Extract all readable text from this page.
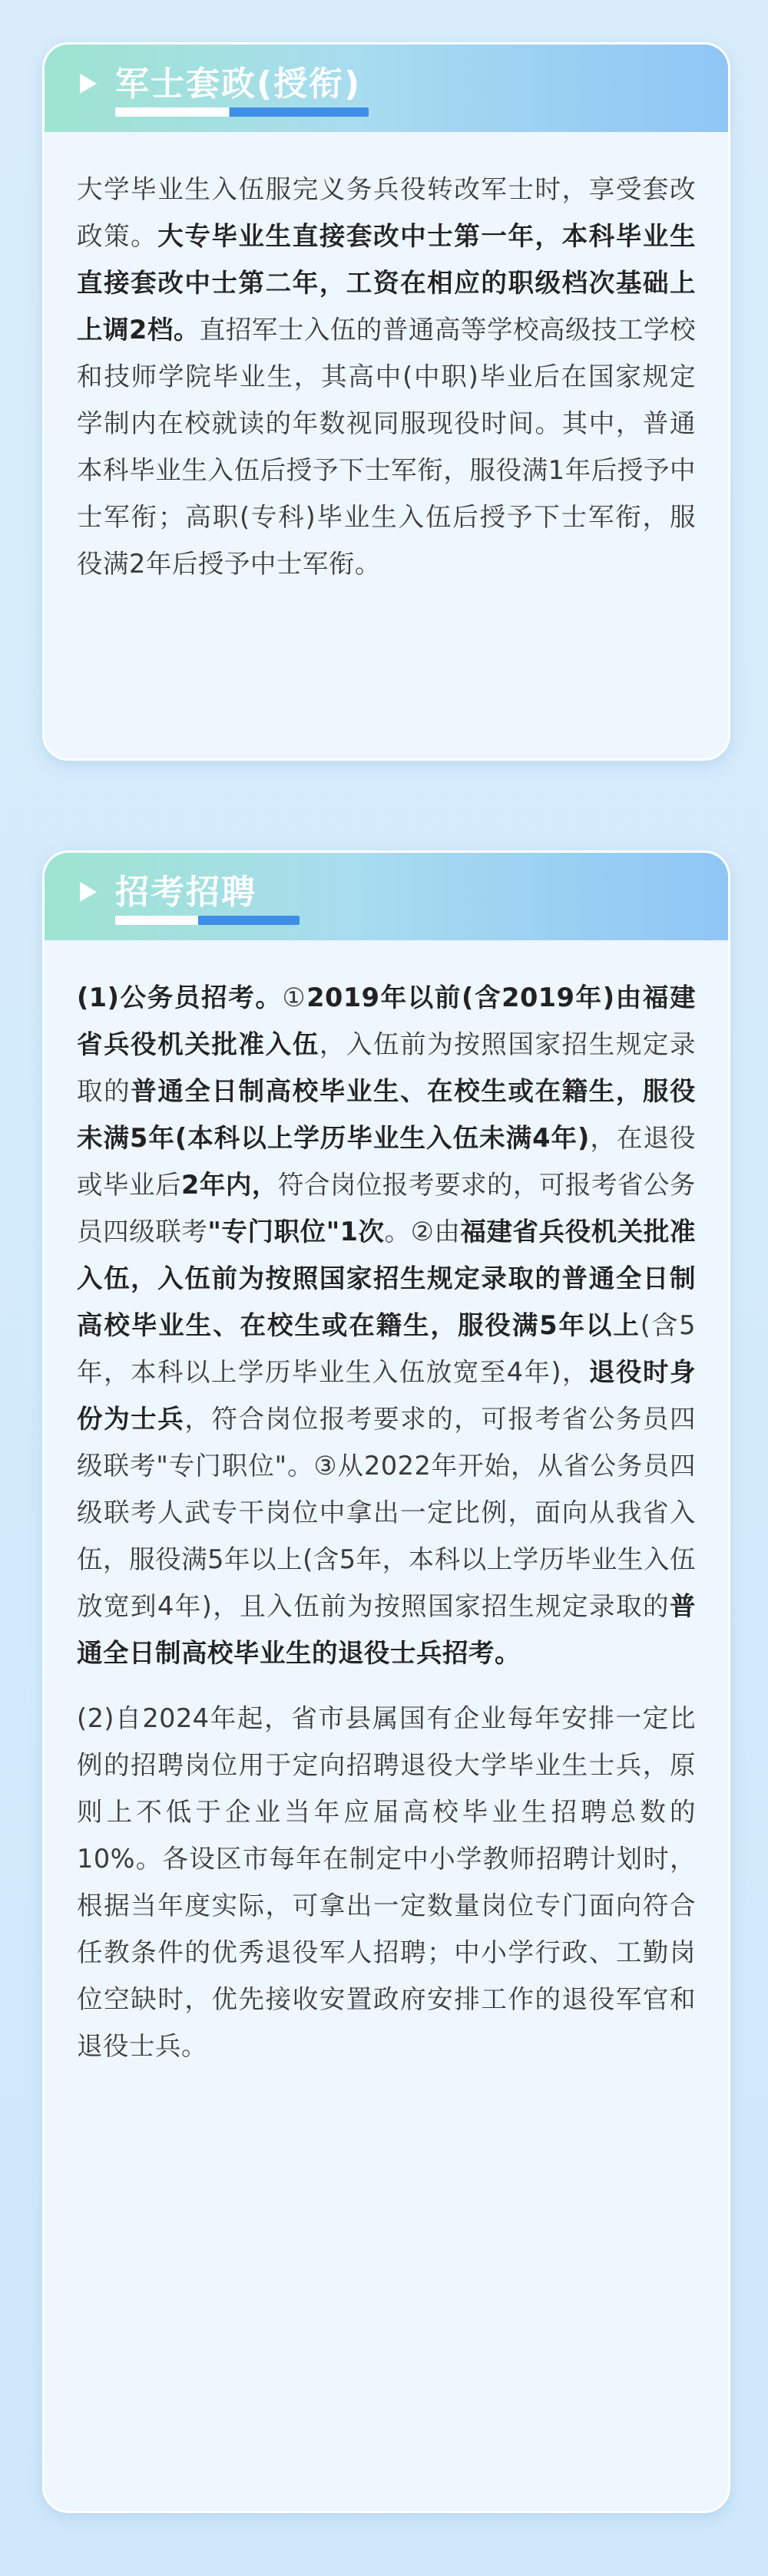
军士套政(授衔)

大学毕业生入伍服完义务兵役转改军士时，享受套改政策。大专毕业生直接套改中士第一年，本科毕业生直接套改中士第二年，工资在相应的职级档次基础上上调2档。直招军士入伍的普通高等学校高级技工学校和技师学院毕业生，其高中(中职)毕业后在国家规定学制内在校就读的年数视同服现役时间。其中，普通本科毕业生入伍后授予下士军衔，服役满1年后授予中士军衔；高职(专科)毕业生入伍后授予下士军衔，服役满2年后授予中士军衔。

招考招聘

(1)公务员招考。①2019年以前(含2019年)由福建省兵役机关批准入伍，入伍前为按照国家招生规定录取的普通全日制高校毕业生、在校生或在籍生，服役未满5年(本科以上学历毕业生入伍未满4年)，在退役或毕业后2年内，符合岗位报考要求的，可报考省公务员四级联考"专门职位"1次。②由福建省兵役机关批准入伍，入伍前为按照国家招生规定录取的普通全日制高校毕业生、在校生或在籍生，服役满5年以上(含5年，本科以上学历毕业生入伍放宽至4年)，退役时身份为士兵，符合岗位报考要求的，可报考省公务员四级联考"专门职位"。③从2022年开始，从省公务员四级联考人武专干岗位中拿出一定比例，面向从我省入伍，服役满5年以上(含5年，本科以上学历毕业生入伍放宽到4年)，且入伍前为按照国家招生规定录取的普通全日制高校毕业生的退役士兵招考。

(2)自2024年起，省市县属国有企业每年安排一定比例的招聘岗位用于定向招聘退役大学毕业生士兵，原则上不低于企业当年应届高校毕业生招聘总数的10%。各设区市每年在制定中小学教师招聘计划时，根据当年度实际，可拿出一定数量岗位专门面向符合任教条件的优秀退役军人招聘；中小学行政、工勤岗位空缺时，优先接收安置政府安排工作的退役军官和退役士兵。
